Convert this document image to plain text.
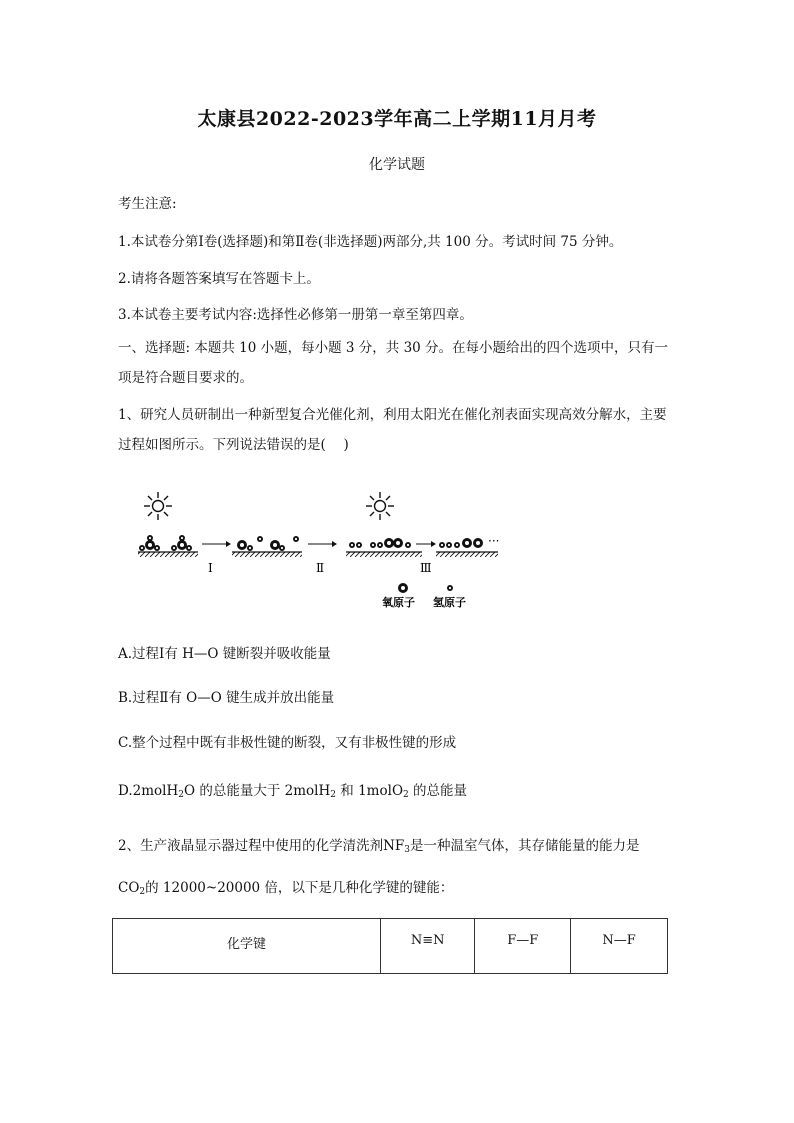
太康县2022-2023学年高二上学期11月月考
化学试题
考生注意:
1.本试卷分第Ⅰ卷(选择题)和第Ⅱ卷(非选择题)两部分,共 100 分。考试时间 75 分钟。
2.请将各题答案填写在答题卡上。
3.本试卷主要考试内容:选择性必修第一册第一章至第四章。
一、选择题: 本题共 10 小题，每小题 3 分，共 30 分。在每小题给出的四个选项中，只有一项是符合题目要求的。
1、研究人员研制出一种新型复合光催化剂，利用太阳光在催化剂表面实现高效分解水，主要过程如图所示。下列说法错误的是(　 )
···
Ⅰ	Ⅱ	Ⅲ
氧原子 氢原子
A.过程Ⅰ有 H—O 键断裂并吸收能量
B.过程Ⅱ有 O—O 键生成并放出能量
C.整个过程中既有非极性键的断裂，又有非极性键的形成
D.2molH$_2$O 的总能量大于 2molH$_2$ 和 1molO$_2$ 的总能量
2、生产液晶显示器过程中使用的化学清洗剂$NF_3$是一种温室气体，其存储能量的能力是
$CO_2$的 12000~20000 倍，以下是几种化学键的键能：
化学键	N≡N	F—F	N—F
